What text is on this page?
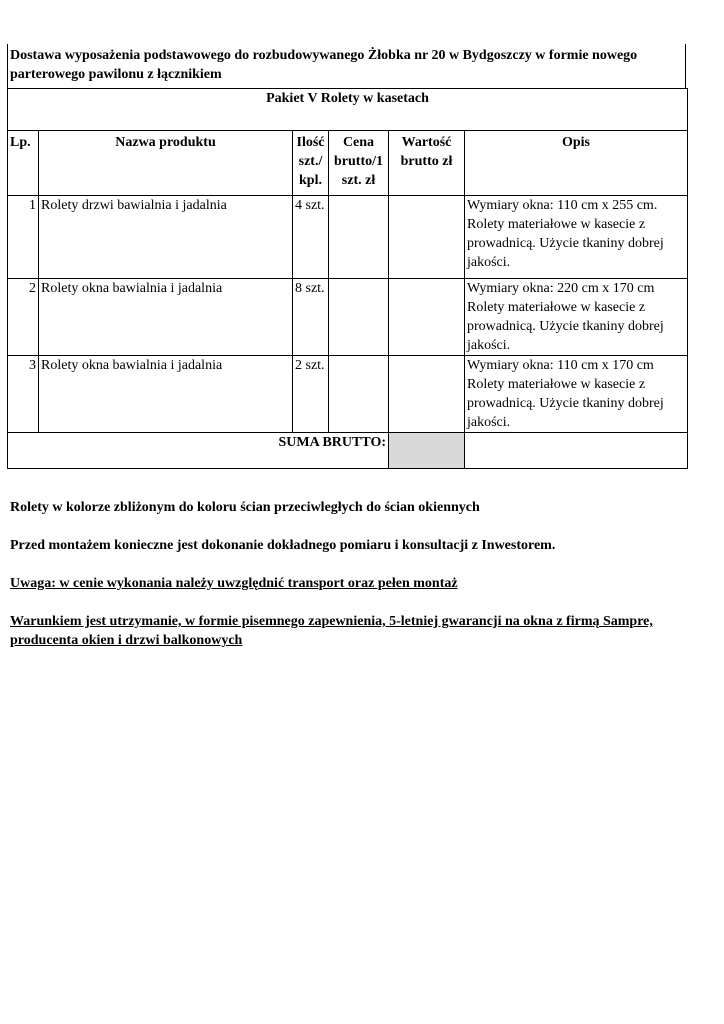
Dostawa wyposażenia podstawowego do rozbudowywanego Żłobka nr 20 w Bydgoszczy w formie nowego parterowego pawilonu z łącznikiem

Pakiet V Rolety w kasetach					
Lp.	Nazwa produktu	Ilość szt./ kpl.	Cena brutto/1 szt. zł	Wartość brutto zł	Opis
1	Rolety drzwi bawialnia i jadalnia	4 szt.			Wymiary okna: 110 cm x 255 cm. Rolety materiałowe w kasecie z prowadnicą. Użycie tkaniny dobrej jakości.
2	Rolety okna bawialnia i jadalnia	8 szt.			Wymiary okna: 220 cm x 170 cm Rolety materiałowe w kasecie z prowadnicą. Użycie tkaniny dobrej jakości.
3	Rolety okna bawialnia i jadalnia	2 szt.			Wymiary okna: 110 cm x 170 cm Rolety materiałowe w kasecie z prowadnicą. Użycie tkaniny dobrej jakości.
SUMA BRUTTO:					

Rolety w kolorze zbliżonym do koloru ścian przeciwległych do ścian okiennych

Przed montażem konieczne jest dokonanie dokładnego pomiaru i konsultacji z Inwestorem.

Uwaga: w cenie wykonania należy uwzględnić transport oraz pełen montaż

Warunkiem jest utrzymanie, w formie pisemnego zapewnienia, 5-letniej gwarancji na okna z firmą Sampre, producenta okien i drzwi balkonowych
